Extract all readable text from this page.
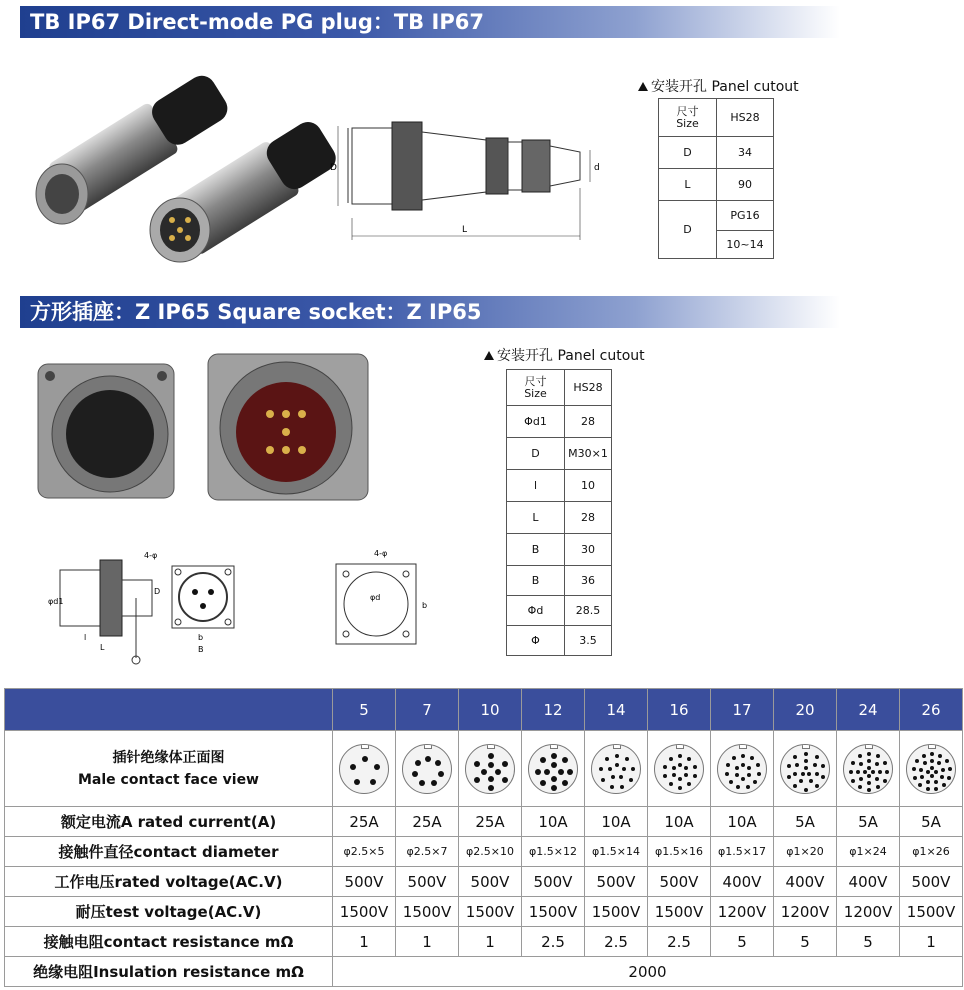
TB IP67 Direct-mode PG plug：TB IP67
D	d
L
安装开孔 Panel cutout
尺寸
Size	HS28
D	34
L	90
D	PG16
	10~14
方形插座：Z IP65 Square socket：Z IP65
φd1
D
l
L
4-φ
b
B
4-φ
φd
b
安装开孔 Panel cutout
尺寸
Size	HS28
Φd1	28
D	M30×1
l	10
L	28
B	30
B	36
Φd	28.5
Φ	3.5
	5	7	10	12	14	16	17	20	24	26

插针绝缘体正面图
Male contact face view										

额定电流A rated current(A)	25A	25A	25A	10A	10A	10A	10A	5A	5A	5A
接触件直径contact diameter	φ2.5×5	φ2.5×7	φ2.5×10	φ1.5×12	φ1.5×14	φ1.5×16	φ1.5×17	φ1×20	φ1×24	φ1×26
工作电压rated voltage(AC.V)	500V	500V	500V	500V	500V	500V	400V	400V	400V	500V
耐压test voltage(AC.V)	1500V	1500V	1500V	1500V	1500V	1500V	1200V	1200V	1200V	1500V
接触电阻contact resistance mΩ	1	1	1	2.5	2.5	2.5	5	5	5	1
绝缘电阻Insulation resistance mΩ	2000									
